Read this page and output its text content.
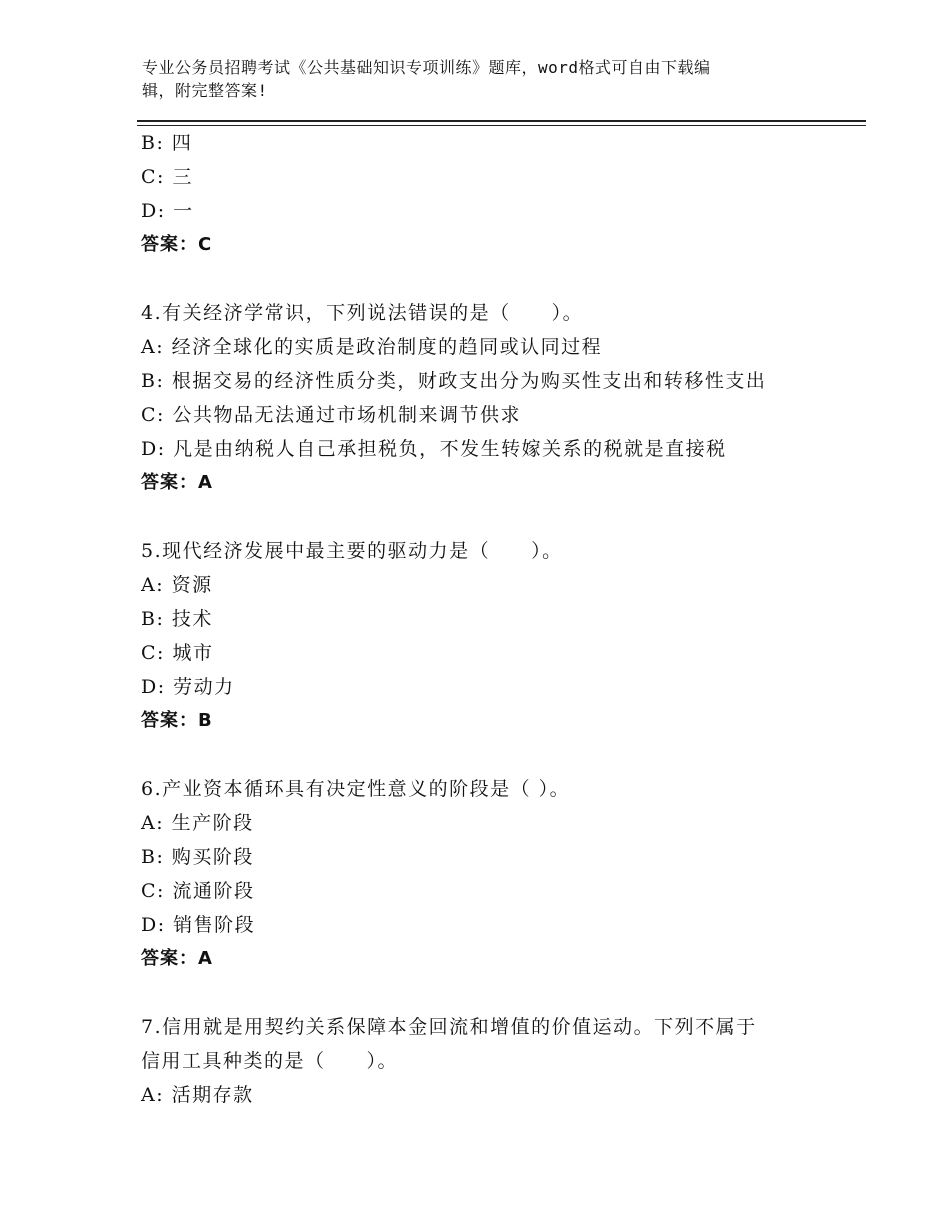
专业公务员招聘考试《公共基础知识专项训练》题库，word格式可自由下载编
辑，附完整答案!
B: 四
C: 三
D: 一
答案：C
4.有关经济学常识，下列说法错误的是（　　）。
A: 经济全球化的实质是政治制度的趋同或认同过程
B: 根据交易的经济性质分类，财政支出分为购买性支出和转移性支出
C: 公共物品无法通过市场机制来调节供求
D: 凡是由纳税人自己承担税负，不发生转嫁关系的税就是直接税
答案：A
5.现代经济发展中最主要的驱动力是（　　）。
A: 资源
B: 技术
C: 城市
D: 劳动力
答案：B
6.产业资本循环具有决定性意义的阶段是（ ）。
A: 生产阶段
B: 购买阶段
C: 流通阶段
D: 销售阶段
答案：A
7.信用就是用契约关系保障本金回流和增值的价值运动。下列不属于
信用工具种类的是（　　）。
A: 活期存款
